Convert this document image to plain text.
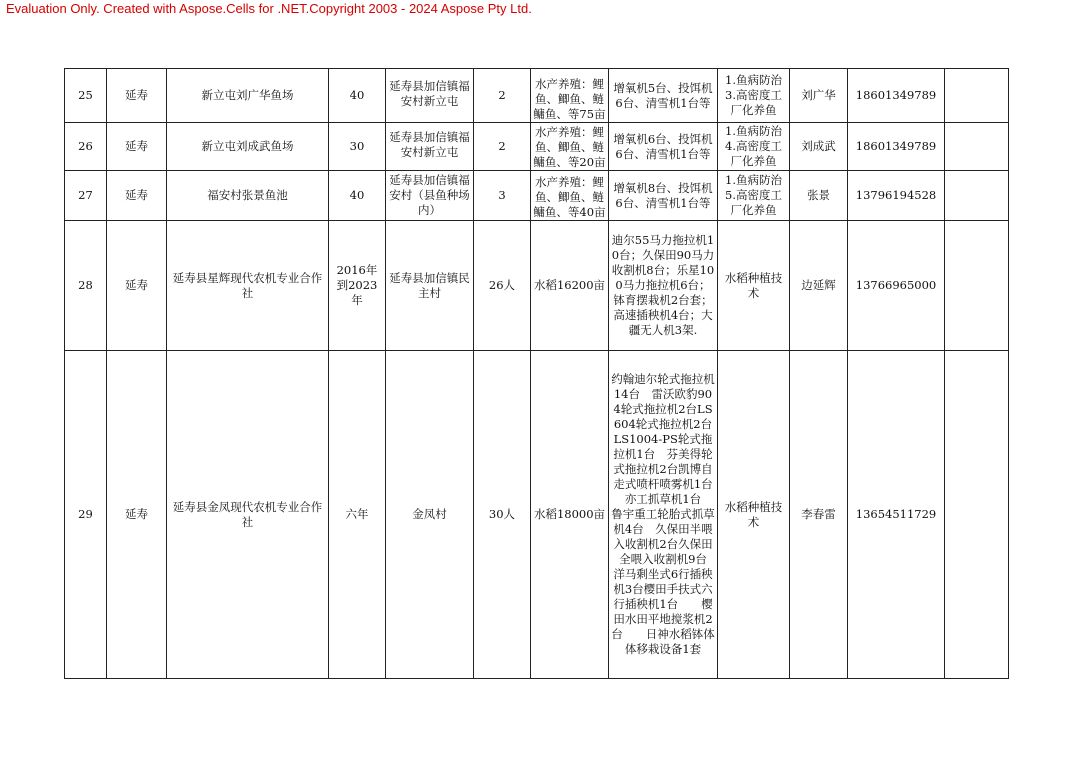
Evaluation Only. Created with Aspose.Cells for .NET.Copyright 2003 - 2024 Aspose Pty Ltd.
25	延寿	新立屯刘广华鱼场	40	延寿县加信镇福安村新立屯	2	水产养殖：鲤鱼、鲫鱼、鲢鳙鱼、等75亩	增氧机5台、投饵机6台、清雪机1台等	1.鱼病防治3.高密度工厂化养鱼	刘广华	18601349789	
26	延寿	新立屯刘成武鱼场	30	延寿县加信镇福安村新立屯	2	水产养殖：鲤鱼、鲫鱼、鲢鳙鱼、等20亩	增氧机6台、投饵机6台、清雪机1台等	1.鱼病防治4.高密度工厂化养鱼	刘成武	18601349789	
27	延寿	福安村张景鱼池	40	延寿县加信镇福安村（县鱼种场内）	3	水产养殖：鲤鱼、鲫鱼、鲢鳙鱼、等40亩	增氧机8台、投饵机6台、清雪机1台等	1.鱼病防治5.高密度工厂化养鱼	张景	13796194528	
28	延寿	延寿县星辉现代农机专业合作社	2016年到2023年	延寿县加信镇民主村	26人	水稻16200亩	迪尔55马力拖拉机10台；久保田90马力收割机8台；乐星100马力拖拉机6台；钵育摆栽机2台套；高速插秧机4台；大疆无人机3架.	水稻种植技术	边延辉	13766965000	
29	延寿	延寿县金凤现代农机专业合作社	六年	金凤村	30人	水稻18000亩	约翰迪尔轮式拖拉机14台　雷沃欧豹904轮式拖拉机2台LS604轮式拖拉机2台 LS1004-PS轮式拖拉机1台　芬美得轮式拖拉机2台凯博自走式喷杆喷雾机1台　亦工抓草机1台　　鲁宇重工轮胎式抓草机4台　久保田半喂入收割机2台久保田全喂入收割机9台　洋马剩坐式6行插秧机3台樱田手扶式六行插秧机1台　　樱田水田平地搅浆机2台　　日神水稻钵体体移栽设备1套	水稻种植技术	李春雷	13654511729	
